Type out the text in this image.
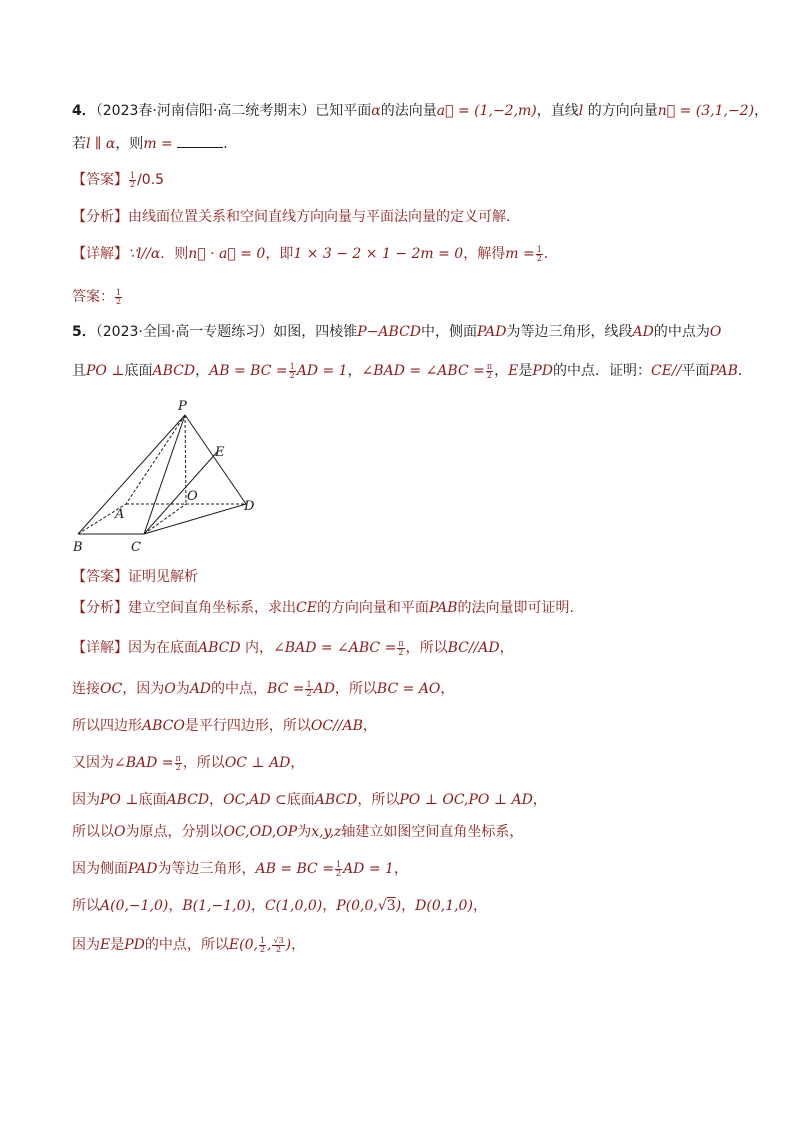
4．（2023春·河南信阳·高二统考期末）已知平面α的法向量a⃗ = (1,−2,m)，直线l 的方向向量n⃗ = (3,1,−2)，
若l ∥ α，则m =	.
【答案】 $\frac{1}{2} /0.5$
【分析】由线面位置关系和空间直线方向向量与平面法向量的定义可解.
【详解】∵l//α．则n⃗ · a⃗ = 0，即1 × 3 − 2 × 1 − 2m = 0，解得$m = \frac{1}{2}$ .
答案： $\frac{1}{2}$
5．（2023·全国·高一专题练习）如图，四棱锥P−ABCD中，侧面PAD为等边三角形，线段AD的中点为O
且PO ⊥底面ABCD，AB = BC = $\frac{1}{2}$ AD = 1，∠BAD = ∠ABC = $\frac{\pi}{2}$ ，E是PD的中点．证明：CE//平面PAB.
P
E
O
A
D
B	C
【答案】证明见解析
【分析】建立空间直角坐标系，求出CE的方向向量和平面PAB的法向量即可证明.
【详解】因为在底面ABCD 内，∠BAD = ∠ABC = $\frac{\pi}{2}$ ，所以BC//AD，
连接OC，因为O为AD的中点，BC = $\frac{1}{2}$ AD，所以BC = AO，
所以四边形ABCO是平行四边形，所以OC//AB，
又因为∠BAD = $\frac{\pi}{2}$ ，所以OC ⊥ AD，
因为PO ⊥底面ABCD，OC,AD ⊂底面ABCD，所以PO ⊥ OC,PO ⊥ AD，
所以以O为原点，分别以OC,OD,OP为x,y,z轴建立如图空间直角坐标系，
因为侧面PAD为等边三角形，AB = BC = $\frac{1}{2}$ AD = 1，
所以A(0,−1,0)，B(1,−1,0)，C(1,0,0)，P(0,0,√3)，D(0,1,0)，
因为E是PD的中点，所以E(0, $\frac{1}{2}$ , $\frac{√3}{2}$ )，
